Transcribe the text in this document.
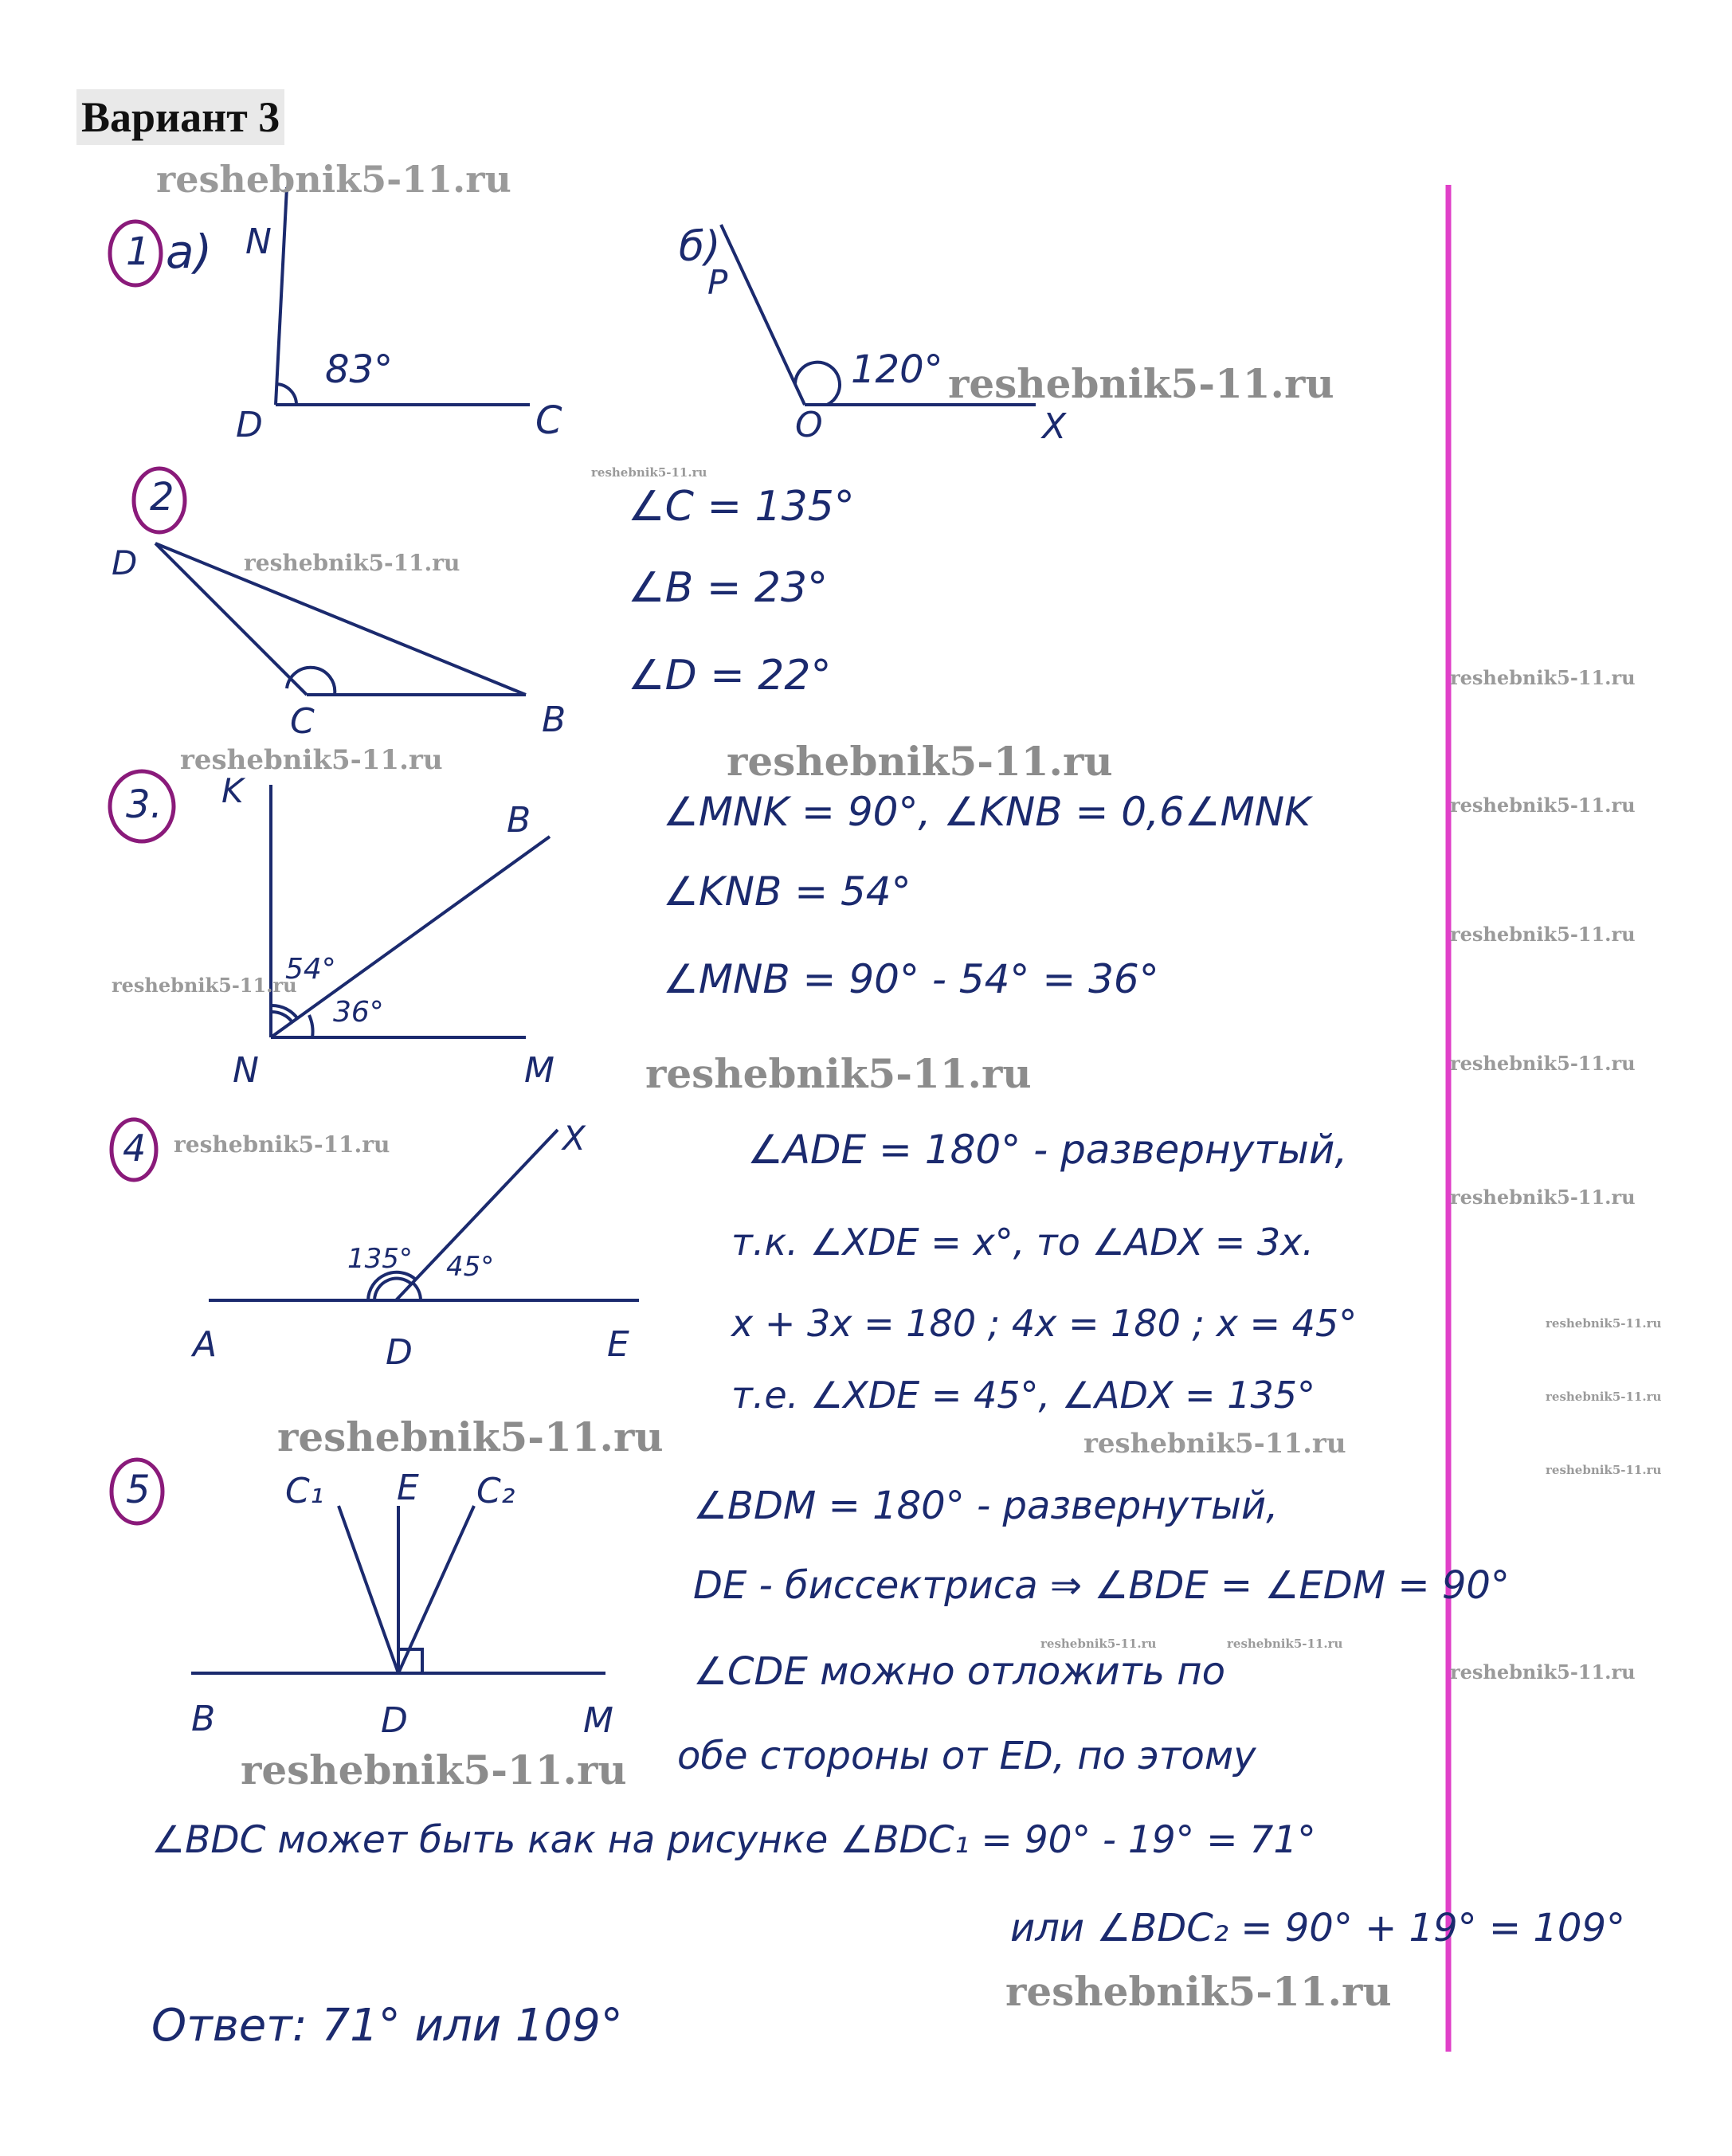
Вариант 3
1 а) N
83°
D	C
б)
P
120°
O	X
2
D
C	B
∠C = 135°
∠B = 23°
∠D = 22°
3. K
B
54°
36°
N	M
∠MNK = 90°, ∠KNB = 0,6∠MNK
∠KNB = 54°
∠MNB = 90° - 54° = 36°
4	X
135° 45°
A	D	E
∠ADE = 180° - развернутый,
т.к. ∠XDE = x°, то ∠ADX = 3x.
x + 3x = 180 ; 4x = 180 ; x = 45°
т.е. ∠XDE = 45°, ∠ADX = 135°
5	C₁ E C₂
B	D	M
∠BDM = 180° - развернутый,
DE - биссектриса ⇒ ∠BDE = ∠EDM = 90°
∠CDE можно отложить по
обе стороны от ED, по этому
∠BDC может быть как на рисунке ∠BDC₁ = 90° - 19° = 71°
или ∠BDC₂ = 90° + 19° = 109°
Ответ: 71° или 109°
reshebnik5-11.ru
reshebnik5-11.ru
reshebnik5-11.ru
reshebnik5-11.ru
reshebnik5-11.ru
reshebnik5-11.ru	reshebnik5-11.ru
reshebnik5-11.ru
reshebnik5-11.ru
reshebnik5-11.ru
reshebnik5-11.ru	reshebnik5-11.ru
reshebnik5-11.ru
reshebnik5-11.ru
reshebnik5-11.ru
reshebnik5-11.ru
reshebnik5-11.ru	reshebnik5-11.ru
reshebnik5-11.ru
reshebnik5-11.ru	reshebnik5-11.ru
reshebnik5-11.ru
reshebnik5-11.ru
reshebnik5-11.ru
